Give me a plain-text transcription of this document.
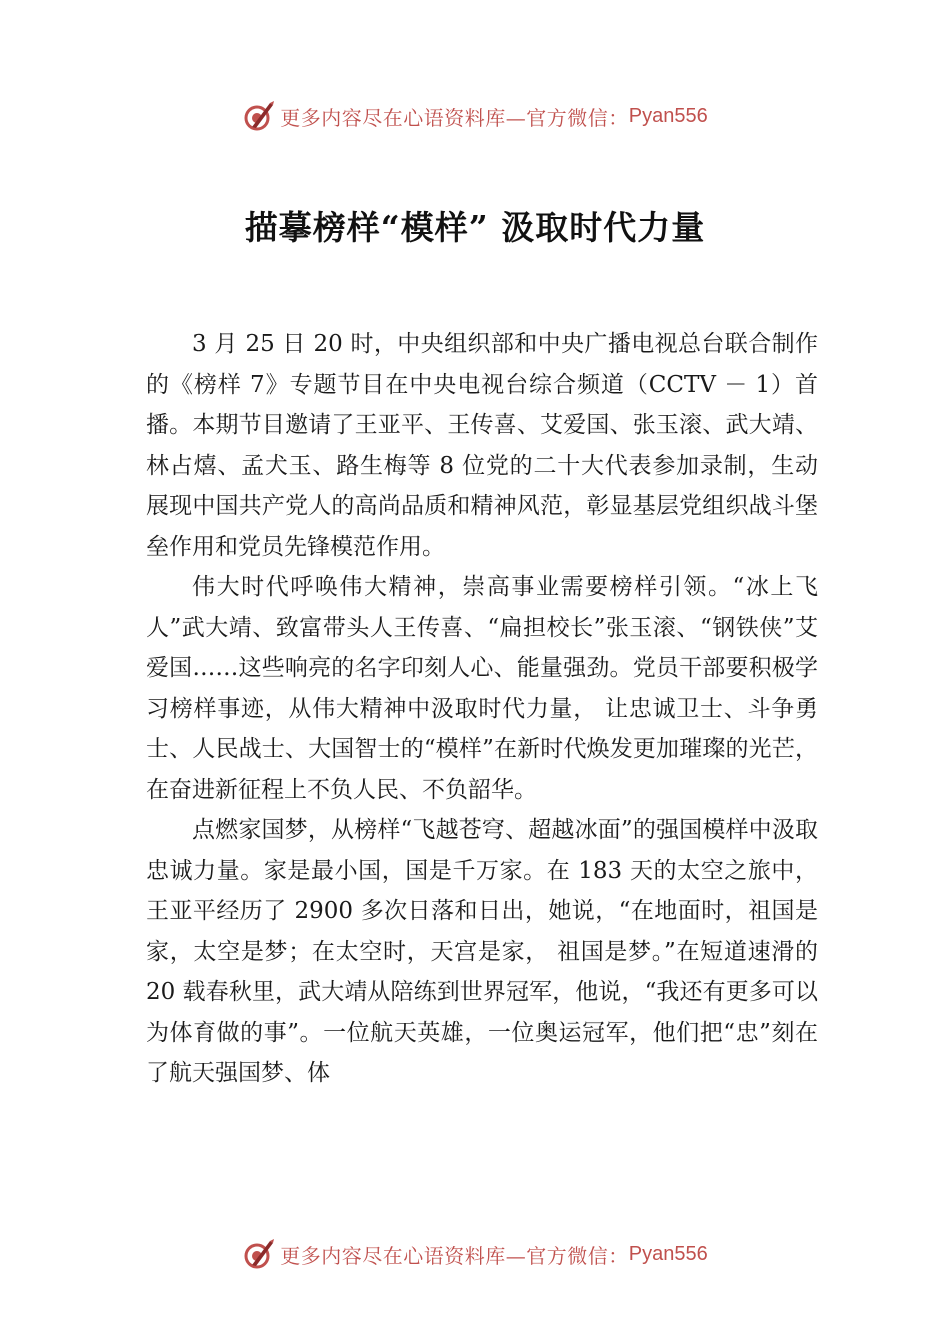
更多内容尽在心语资料库—官方微信： Pyan556
描摹榜样“模样” 汲取时代力量

3 月 25 日 20 时，中央组织部和中央广播电视总台联合制作的《榜样 7》专题节目在中央电视台综合频道（CCTV － 1）首播。本期节目邀请了王亚平、王传喜、艾爱国、张玉滚、武大靖、林占熺、孟⽝玉、路生梅等 8 位党的二十大代表参加录制，生动展现中国共产党人的高尚品质和精神风范，彰显基层党组织战斗堡垒作用和党员先锋模范作用。

伟大时代呼唤伟大精神，崇高事业需要榜样引领。“冰上飞人”武大靖、致富带头人王传喜、“扁担校长”张玉滚、“钢铁侠”艾爱国……这些响亮的名字印刻人心、能量强劲。党员干部要积极学习榜样事迹，从伟大精神中汲取时代力量， 让忠诚卫士、斗争勇士、人民战士、大国智士的“模样”在新时代焕发更加璀璨的光芒，在奋进新征程上不负人民、不负韶华。

点燃家国梦，从榜样“飞越苍穹、超越冰面”的强国模样中汲取忠诚力量。家是最小国，国是千万家。在 183 天的太空之旅中，王亚平经历了 2900 多次日落和日出，她说，“在地面时，祖国是家，太空是梦；在太空时，天宫是家， 祖国是梦。”在短道速滑的 20 载春秋里，武大靖从陪练到世界冠军，他说，“我还有更多可以为体育做的事”。一位航天英雄，一位奥运冠军，他们把“忠”刻在了航天强国梦、体

更多内容尽在心语资料库—官方微信： Pyan556
